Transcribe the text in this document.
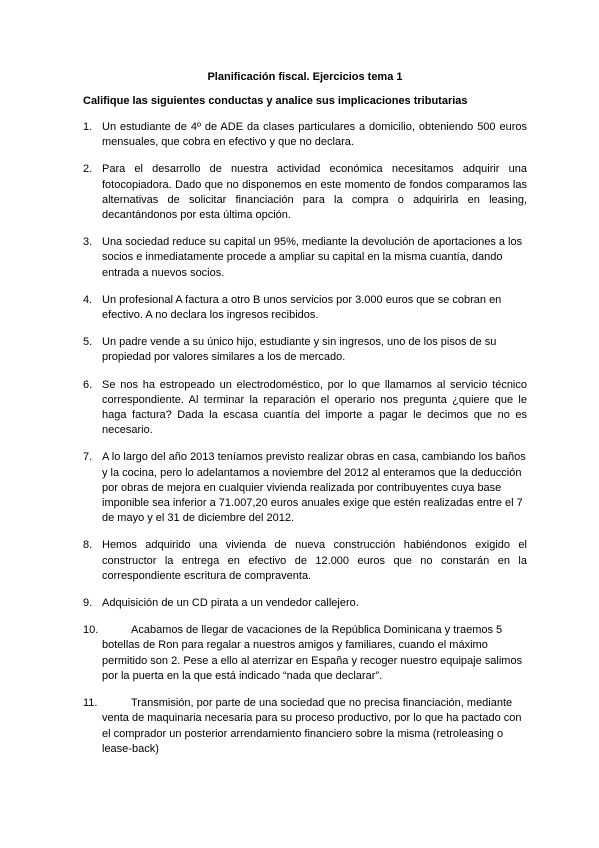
Planificación fiscal. Ejercicios tema 1
Califique las siguientes conductas y analice sus implicaciones tributarias
1. Un estudiante de 4º de ADE da clases particulares a domicilio, obteniendo 500 euros mensuales, que cobra en efectivo y que no declara.
2. Para el desarrollo de nuestra actividad económica necesitamos adquirir una fotocopiadora. Dado que no disponemos en este momento de fondos comparamos las alternativas de solicitar financiación para la compra o adquirirla en leasing, decantándonos por esta última opción.
3. Una sociedad reduce su capital un 95%, mediante la devolución de aportaciones a los socios e inmediatamente procede a ampliar su capital en la misma cuantía, dando entrada a nuevos socios.
4. Un profesional A factura a otro B unos servicios por 3.000 euros que se cobran en efectivo. A no declara los ingresos recibidos.
5. Un padre vende a su único hijo, estudiante y sin ingresos, uno de los pisos de su propiedad por valores similares a los de mercado.
6. Se nos ha estropeado un electrodoméstico, por lo que llamamos al servicio técnico correspondiente. Al terminar la reparación el operario nos pregunta ¿quiere que le haga factura? Dada la escasa cuantía del importe a pagar le decimos que no es necesario.
7. A lo largo del año 2013 teníamos previsto realizar obras en casa, cambiando los baños y la cocina, pero lo adelantamos a noviembre del 2012 al enteramos que la deducción por obras de mejora en cualquier vivienda realizada por contribuyentes cuya base imponible sea inferior a 71.007,20 euros anuales exige que estén realizadas entre el 7 de mayo y el 31 de diciembre del 2012.
8. Hemos adquirido una vivienda de nueva construcción habiéndonos exigido el constructor la entrega en efectivo de 12.000 euros que no constarán en la correspondiente escritura de compraventa.
9. Adquisición de un CD pirata a un vendedor callejero.
10.	Acabamos de llegar de vacaciones de la República Dominicana y traemos 5 botellas de Ron para regalar a nuestros amigos y familiares, cuando el máximo permitido son 2. Pese a ello al aterrizar en España y recoger nuestro equipaje salimos por la puerta en la que está indicado “nada que declarar”.
11.	Transmisión, por parte de una sociedad que no precisa financiación, mediante venta de maquinaria necesaria para su proceso productivo, por lo que ha pactado con el comprador un posterior arrendamiento financiero sobre la misma (retroleasing o lease-back)
